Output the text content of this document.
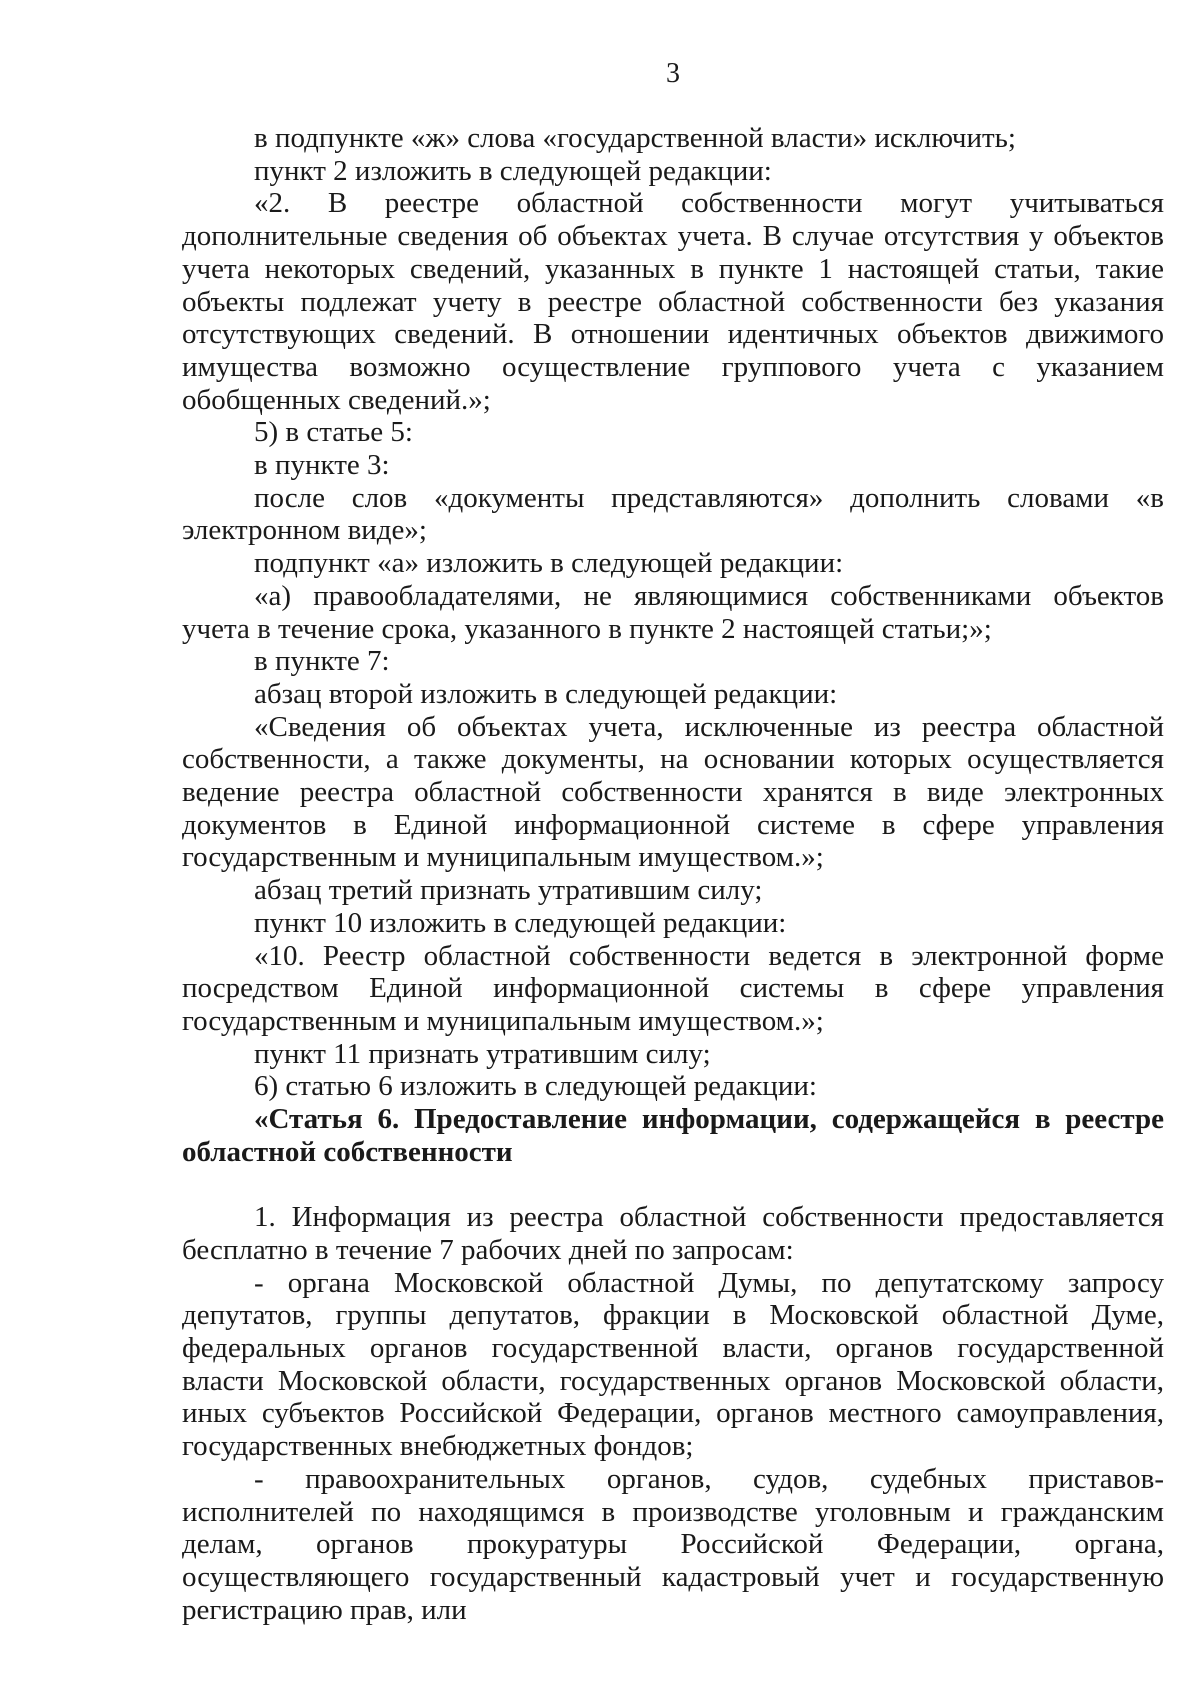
3

в подпункте «ж» слова «государственной власти» исключить;

пункт 2 изложить в следующей редакции:

«2. В реестре областной собственности могут учитываться дополнительные сведения об объектах учета. В случае отсутствия у объектов учета некоторых сведений, указанных в пункте 1 настоящей статьи, такие объекты подлежат учету в реестре областной собственности без указания отсутствующих сведений. В отношении идентичных объектов движимого имущества возможно осуществление группового учета с указанием обобщенных сведений.»;

5) в статье 5:

в пункте 3:

после слов «документы представляются» дополнить словами «в электронном виде»;

подпункт «а» изложить в следующей редакции:

«а) правообладателями, не являющимися собственниками объектов учета в течение срока, указанного в пункте 2 настоящей статьи;»;

в пункте 7:

абзац второй изложить в следующей редакции:

«Сведения об объектах учета, исключенные из реестра областной собственности, а также документы, на основании которых осуществляется ведение реестра областной собственности хранятся в виде электронных документов в Единой информационной системе в сфере управления государственным и муниципальным имуществом.»;

абзац третий признать утратившим силу;

пункт 10 изложить в следующей редакции:

«10. Реестр областной собственности ведется в электронной форме посредством Единой информационной системы в сфере управления государственным и муниципальным имуществом.»;

пункт 11 признать утратившим силу;

6) статью 6 изложить в следующей редакции:

«Статья 6. Предоставление информации, содержащейся в реестре областной собственности

1. Информация из реестра областной собственности предоставляется бесплатно в течение 7 рабочих дней по запросам:

- органа Московской областной Думы, по депутатскому запросу депутатов, группы депутатов, фракции в Московской областной Думе, федеральных органов государственной власти, органов государственной власти Московской области, государственных органов Московской области, иных субъектов Российской Федерации, органов местного самоуправления, государственных внебюджетных фондов;

- правоохранительных органов, судов, судебных приставов-исполнителей по находящимся в производстве уголовным и гражданским делам, органов прокуратуры Российской Федерации, органа, осуществляющего государственный кадастровый учет и государственную регистрацию прав, или
